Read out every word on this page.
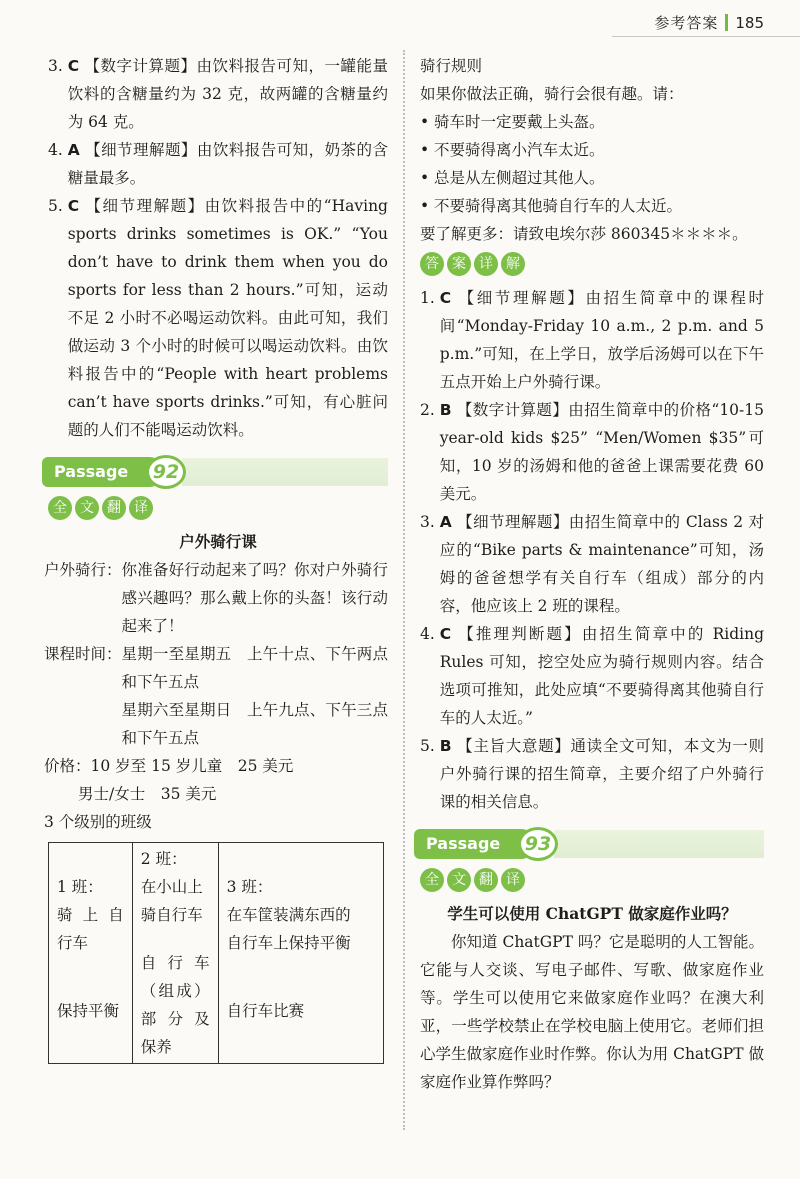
参考答案 185
3. C 【数字计算题】由饮料报告可知，一罐能量饮料的含糖量约为 32 克，故两罐的含糖量约为 64 克。
4. A 【细节理解题】由饮料报告可知，奶茶的含糖量最多。
5. C 【细节理解题】由饮料报告中的“Having sports drinks sometimes is OK.” “You don’t have to drink them when you do sports for less than 2 hours.”可知，运动不足 2 小时不必喝运动饮料。由此可知，我们做运动 3 个小时的时候可以喝运动饮料。由饮料报告中的“People with heart problems can’t have sports drinks.”可知，有心脏问题的人们不能喝运动饮料。
Passage	92
全 文 翻 译
户外骑行课
户外骑行： 你准备好行动起来了吗？你对户外骑行感兴趣吗？那么戴上你的头盔！该行动起来了！
课程时间： 星期一至星期五　上午十点、下午两点和下午五点
星期六至星期日　上午九点、下午三点和下午五点
价格：10 岁至 15 岁儿童　25 美元
男士/女士　35 美元
3 个级别的班级
1 班：
骑上自
行车
保持平衡

2 班：
在小山上
骑自行车
自行车
（组成）
部分及
保养

3 班：
在车筐装满东西的
自行车上保持平衡
自行车比赛
骑行规则
如果你做法正确，骑行会很有趣。请：
• 骑车时一定要戴上头盔。
• 不要骑得离小汽车太近。
• 总是从左侧超过其他人。
• 不要骑得离其他骑自行车的人太近。
要了解更多：请致电埃尔莎 860345＊＊＊＊。
答 案 详 解
1. C 【细节理解题】由招生简章中的课程时间“Monday-Friday 10 a.m., 2 p.m. and 5 p.m.”可知，在上学日，放学后汤姆可以在下午五点开始上户外骑行课。
2. B 【数字计算题】由招生简章中的价格“10-15 year-old kids $25” “Men/Women $35”可知，10 岁的汤姆和他的爸爸上课需要花费 60 美元。
3. A 【细节理解题】由招生简章中的 Class 2 对应的“Bike parts & maintenance”可知，汤姆的爸爸想学有关自行车（组成）部分的内容，他应该上 2 班的课程。
4. C 【推理判断题】由招生简章中的 Riding Rules 可知，挖空处应为骑行规则内容。结合选项可推知，此处应填“不要骑得离其他骑自行车的人太近。”
5. B 【主旨大意题】通读全文可知，本文为一则户外骑行课的招生简章，主要介绍了户外骑行课的相关信息。
Passage	93
全 文 翻 译
学生可以使用 ChatGPT 做家庭作业吗？
你知道 ChatGPT 吗？它是聪明的人工智能。它能与人交谈、写电子邮件、写歌、做家庭作业等。学生可以使用它来做家庭作业吗？在澳大利亚，一些学校禁止在学校电脑上使用它。老师们担心学生做家庭作业时作弊。你认为用 ChatGPT 做家庭作业算作弊吗？
